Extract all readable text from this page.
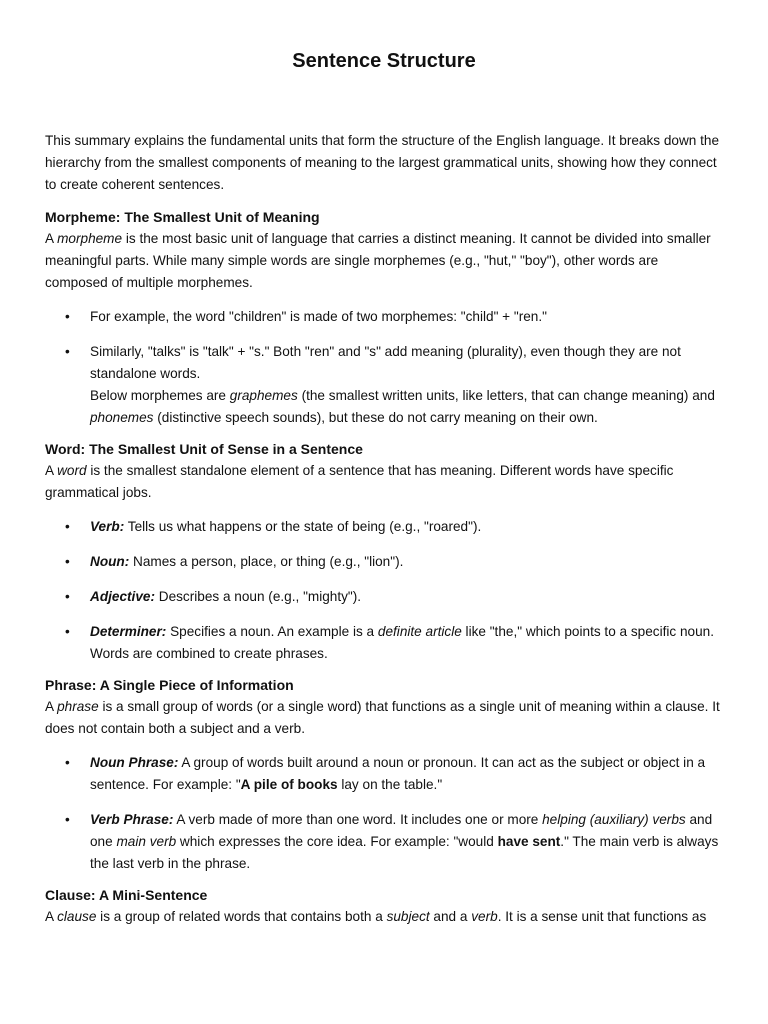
Sentence Structure

This summary explains the fundamental units that form the structure of the English language. It breaks down the hierarchy from the smallest components of meaning to the largest grammatical units, showing how they connect to create coherent sentences.

Morpheme: The Smallest Unit of Meaning

A morpheme is the most basic unit of language that carries a distinct meaning. It cannot be divided into smaller meaningful parts. While many simple words are single morphemes (e.g., "hut," "boy"), other words are composed of multiple morphemes.

• For example, the word "children" is made of two morphemes: "child" + "ren."
• Similarly, "talks" is "talk" + "s." Both "ren" and "s" add meaning (plurality), even though they are not standalone words.
Below morphemes are graphemes (the smallest written units, like letters, that can change meaning) and phonemes (distinctive speech sounds), but these do not carry meaning on their own.
Word: The Smallest Unit of Sense in a Sentence

A word is the smallest standalone element of a sentence that has meaning. Different words have specific grammatical jobs.

• Verb: Tells us what happens or the state of being (e.g., "roared").
• Noun: Names a person, place, or thing (e.g., "lion").
• Adjective: Describes a noun (e.g., "mighty").
• Determiner: Specifies a noun. An example is a definite article like "the," which points to a specific noun.
Words are combined to create phrases.
Phrase: A Single Piece of Information

A phrase is a small group of words (or a single word) that functions as a single unit of meaning within a clause. It does not contain both a subject and a verb.

• Noun Phrase: A group of words built around a noun or pronoun. It can act as the subject or object in a sentence. For example: "A pile of books lay on the table."
• Verb Phrase: A verb made of more than one word. It includes one or more helping (auxiliary) verbs and one main verb which expresses the core idea. For example: "would have sent." The main verb is always the last verb in the phrase.
Clause: A Mini-Sentence

A clause is a group of related words that contains both a subject and a verb. It is a sense unit that functions as
